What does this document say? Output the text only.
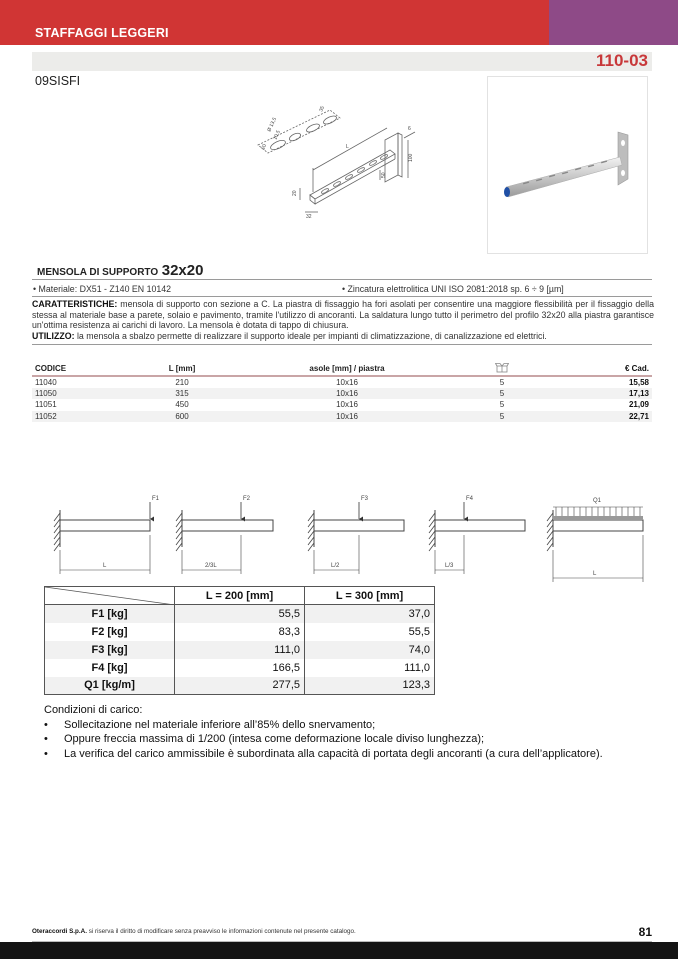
STAFFAGGI LEGGERI
110-03
09SISFI
Ø 13,5
10,5
20
35
L
6
100
50
20
32
MENSOLA DI SUPPORTO 32x20
• Materiale: DX51 - Z140 EN 10142	• Zincatura elettrolitica UNI ISO 2081:2018 sp. 6 ÷ 9 [µm]
CARATTERISTICHE: mensola di supporto con sezione a C. La piastra di fissaggio ha fori asolati per consentire una maggiore flessibilità per il fissaggio della stessa al materiale base a parete, solaio e pavimento, tramite l'utilizzo di ancoranti. La saldatura lungo tutto il perimetro del profilo 32x20 alla piastra garantisce un'ottima resistenza ai carichi di lavoro. La mensola è dotata di tappo di chiusura.
UTILIZZO: la mensola a sbalzo permette di realizzare il supporto ideale per impianti di climatizzazione, di canalizzazione ed elettrici.
CODICE	L [mm]	asole [mm] / piastra		€ Cad.
11040	210	10x16	5	15,58
11050	315	10x16	5	17,13
11051	450	10x16	5	21,09
11052	600	10x16	5	22,71
F1
L
F2
2/3L
F3
L/2
F4
L/3
Q1
L
	L = 200 [mm]	L = 300 [mm]
F1 [kg]	55,5	37,0
F2 [kg]	83,3	55,5
F3 [kg]	111,0	74,0
F4 [kg]	166,5	111,0
Q1 [kg/m]	277,5	123,3
Condizioni di carico:
• Sollecitazione nel materiale inferiore all’85% dello snervamento;
• Oppure freccia massima di 1/200 (intesa come deformazione locale diviso lunghezza);
• La verifica del carico ammissibile è subordinata alla capacità di portata degli ancoranti (a cura dell’applicatore).
Oteraccordi S.p.A. si riserva il diritto di modificare senza preavviso le informazioni contenute nel presente catalogo.	81
